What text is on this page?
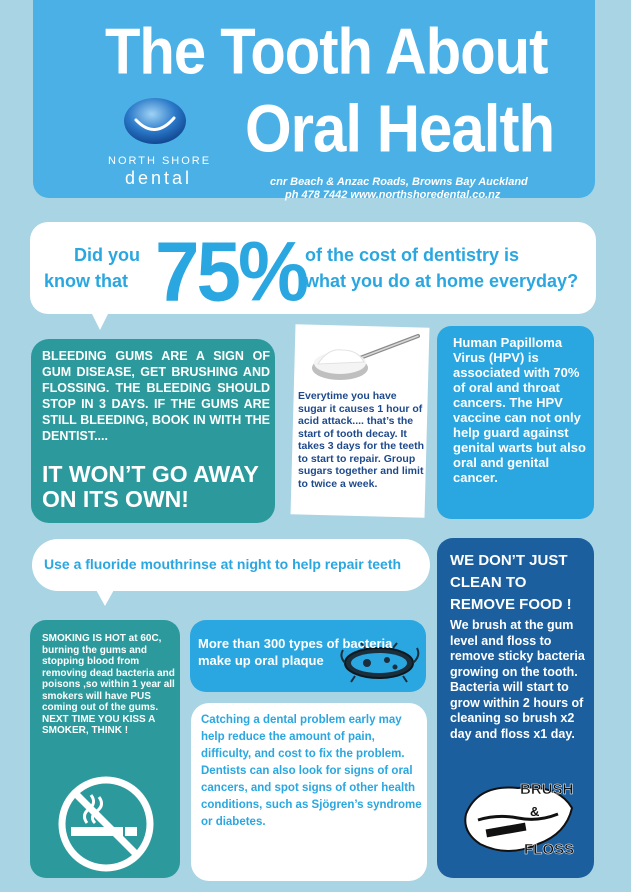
The Tooth About
Oral Health
NORTH SHORE
dental	cnr Beach & Anzac Roads, Browns Bay Auckland
ph 478 7442 www.northshoredental.co.nz
Did you
know that 75%
of the cost of dentistry is
what you do at home everyday?
BLEEDING GUMS ARE A SIGN OF GUM DISEASE, GET BRUSHING AND FLOSSING. THE BLEEDING SHOULD STOP IN 3 DAYS. IF THE GUMS ARE STILL BLEEDING, BOOK IN WITH THE DENTIST....
IT WON’T GO AWAY ON ITS OWN!
Everytime you have sugar it causes 1 hour of acid attack.... that’s the start of tooth decay. It takes 3 days for the teeth to start to repair. Group sugars together and limit to twice a week.
Human Papilloma Virus (HPV) is associated with 70% of oral and throat cancers. The HPV vaccine can not only help guard against genital warts but also oral and genital cancer.
Use a fluoride mouthrinse at night to help repair teeth
SMOKING IS HOT at 60C, burning the gums and stopping blood from removing dead bacteria and poisons ,so within 1 year all smokers will have PUS coming out of the gums.
NEXT TIME YOU KISS A SMOKER, THINK !
More than 300 types of bacteria
make up oral plaque
Catching a dental problem early may help reduce the amount of pain, difficulty, and cost to fix the problem. Dentists can also look for signs of oral cancers, and spot signs of other health conditions, such as Sjögren’s syndrome or diabetes.
WE DON’T JUST CLEAN TO REMOVE FOOD !
We brush at the gum level and floss to remove sticky bacteria growing on the tooth. Bacteria will start to grow within 2 hours of cleaning so brush x2 day and floss x1 day.
BRUSH
&
FLOSS
